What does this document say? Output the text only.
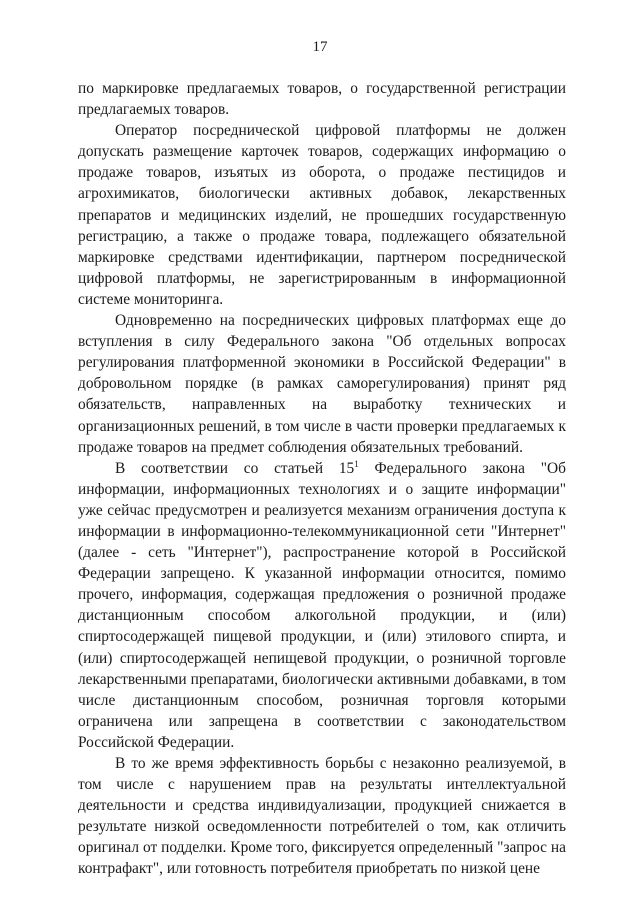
17

по маркировке предлагаемых товаров, о государственной регистрации предлагаемых товаров.

Оператор посреднической цифровой платформы не должен допускать размещение карточек товаров, содержащих информацию о продаже товаров, изъятых из оборота, о продаже пестицидов и агрохимикатов, биологически активных добавок, лекарственных препаратов и медицинских изделий, не прошедших государственную регистрацию, а также о продаже товара, подлежащего обязательной маркировке средствами идентификации, партнером посреднической цифровой платформы, не зарегистрированным в информационной системе мониторинга.

Одновременно на посреднических цифровых платформах еще до вступления в силу Федерального закона "Об отдельных вопросах регулирования платформенной экономики в Российской Федерации" в добровольном порядке (в рамках саморегулирования) принят ряд обязательств, направленных на выработку технических и организационных решений, в том числе в части проверки предлагаемых к продаже товаров на предмет соблюдения обязательных требований.

В соответствии со статьей $15^1$ Федерального закона "Об информации, информационных технологиях и о защите информации" уже сейчас предусмотрен и реализуется механизм ограничения доступа к информации в информационно-телекоммуникационной сети "Интернет" (далее - сеть "Интернет"), распространение которой в Российской Федерации запрещено. К указанной информации относится, помимо прочего, информация, содержащая предложения о розничной продаже дистанционным способом алкогольной продукции, и (или) спиртосодержащей пищевой продукции, и (или) этилового спирта, и (или) спиртосодержащей непищевой продукции, о розничной торговле лекарственными препаратами, биологически активными добавками, в том числе дистанционным способом, розничная торговля которыми ограничена или запрещена в соответствии с законодательством Российской Федерации.

В то же время эффективность борьбы с незаконно реализуемой, в том числе с нарушением прав на результаты интеллектуальной деятельности и средства индивидуализации, продукцией снижается в результате низкой осведомленности потребителей о том, как отличить оригинал от подделки. Кроме того, фиксируется определенный "запрос на контрафакт", или готовность потребителя приобретать по низкой цене
